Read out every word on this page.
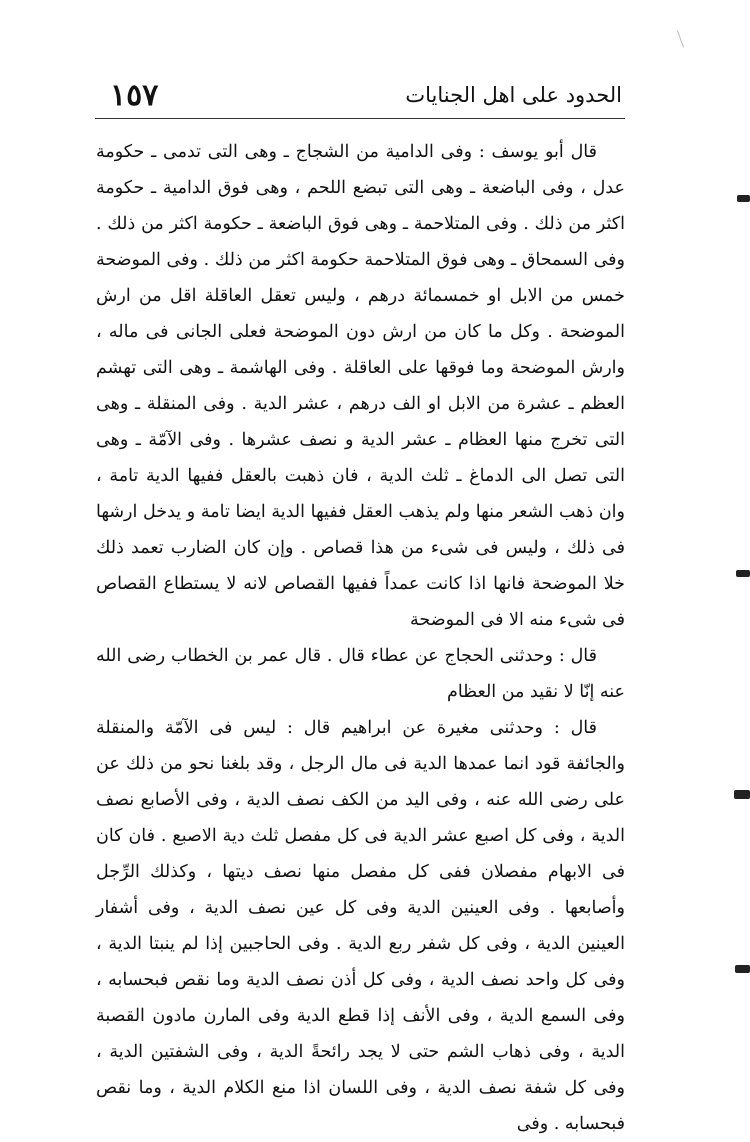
الحدود على اهل الجنايات
١٥٧

قال أبو يوسف : وفى الدامية من الشجاج ـ وهى التى تدمى ـ حكومة عدل ، وفى الباضعة ـ وهى التى تبضع اللحم ، وهى فوق الدامية ـ حكومة اكثر من ذلك . وفى المتلاحمة ـ وهى فوق الباضعة ـ حكومة اكثر من ذلك . وفى السمحاق ـ وهى فوق المتلاحمة حكومة اكثر من ذلك . وفى الموضحة خمس من الابل او خمسمائة درهم ، وليس تعقل العاقلة اقل من ارش الموضحة . وكل ما كان من ارش دون الموضحة فعلى الجانى فى ماله ، وارش الموضحة وما فوقها على العاقلة . وفى الهاشمة ـ وهى التى تهشم العظم ـ عشرة من الابل او الف درهم ، عشر الدية . وفى المنقلة ـ وهى التى تخرج منها العظام ـ عشر الدية و نصف عشرها . وفى الآمّة ـ وهى التى تصل الى الدماغ ـ ثلث الدية ، فان ذهبت بالعقل ففيها الدية تامة ، وان ذهب الشعر منها ولم يذهب العقل ففيها الدية ايضا تامة و يدخل ارشها فى ذلك ، وليس فى شىء من هذا قصاص . وإن كان الضارب تعمد ذلك خلا الموضحة فانها اذا كانت عمداً ففيها القصاص لانه لا يستطاع القصاص فى شىء منه الا فى الموضحة

قال : وحدثنى الحجاج عن عطاء قال . قال عمر بن الخطاب رضى الله عنه إنّا لا نقيد من العظام

قال : وحدثنى مغيرة عن ابراهيم قال : ليس فى الآمّة والمنقلة والجائفة قود انما عمدها الدية فى مال الرجل ، وقد بلغنا نحو من ذلك عن على رضى الله عنه ، وفى اليد من الكف نصف الدية ، وفى الأصابع نصف الدية ، وفى كل اصبع عشر الدية فى كل مفصل ثلث دية الاصبع . فان كان فى الابهام مفصلان ففى كل مفصل منها نصف ديتها ، وكذلك الرِّجل وأصابعها . وفى العينين الدية وفى كل عين نصف الدية ، وفى أشفار العينين الدية ، وفى كل شفر ربع الدية . وفى الحاجبين إذا لم ينبتا الدية ، وفى كل واحد نصف الدية ، وفى كل أذن نصف الدية وما نقص فبحسابه ، وفى السمع الدية ، وفى الأنف إذا قطع الدية وفى المارن مادون القصبة الدية ، وفى ذهاب الشم حتى لا يجد رائحةً الدية ، وفى الشفتين الدية ، وفى كل شفة نصف الدية ، وفى اللسان اذا منع الكلام الدية ، وما نقص فبحسابه . وفى
